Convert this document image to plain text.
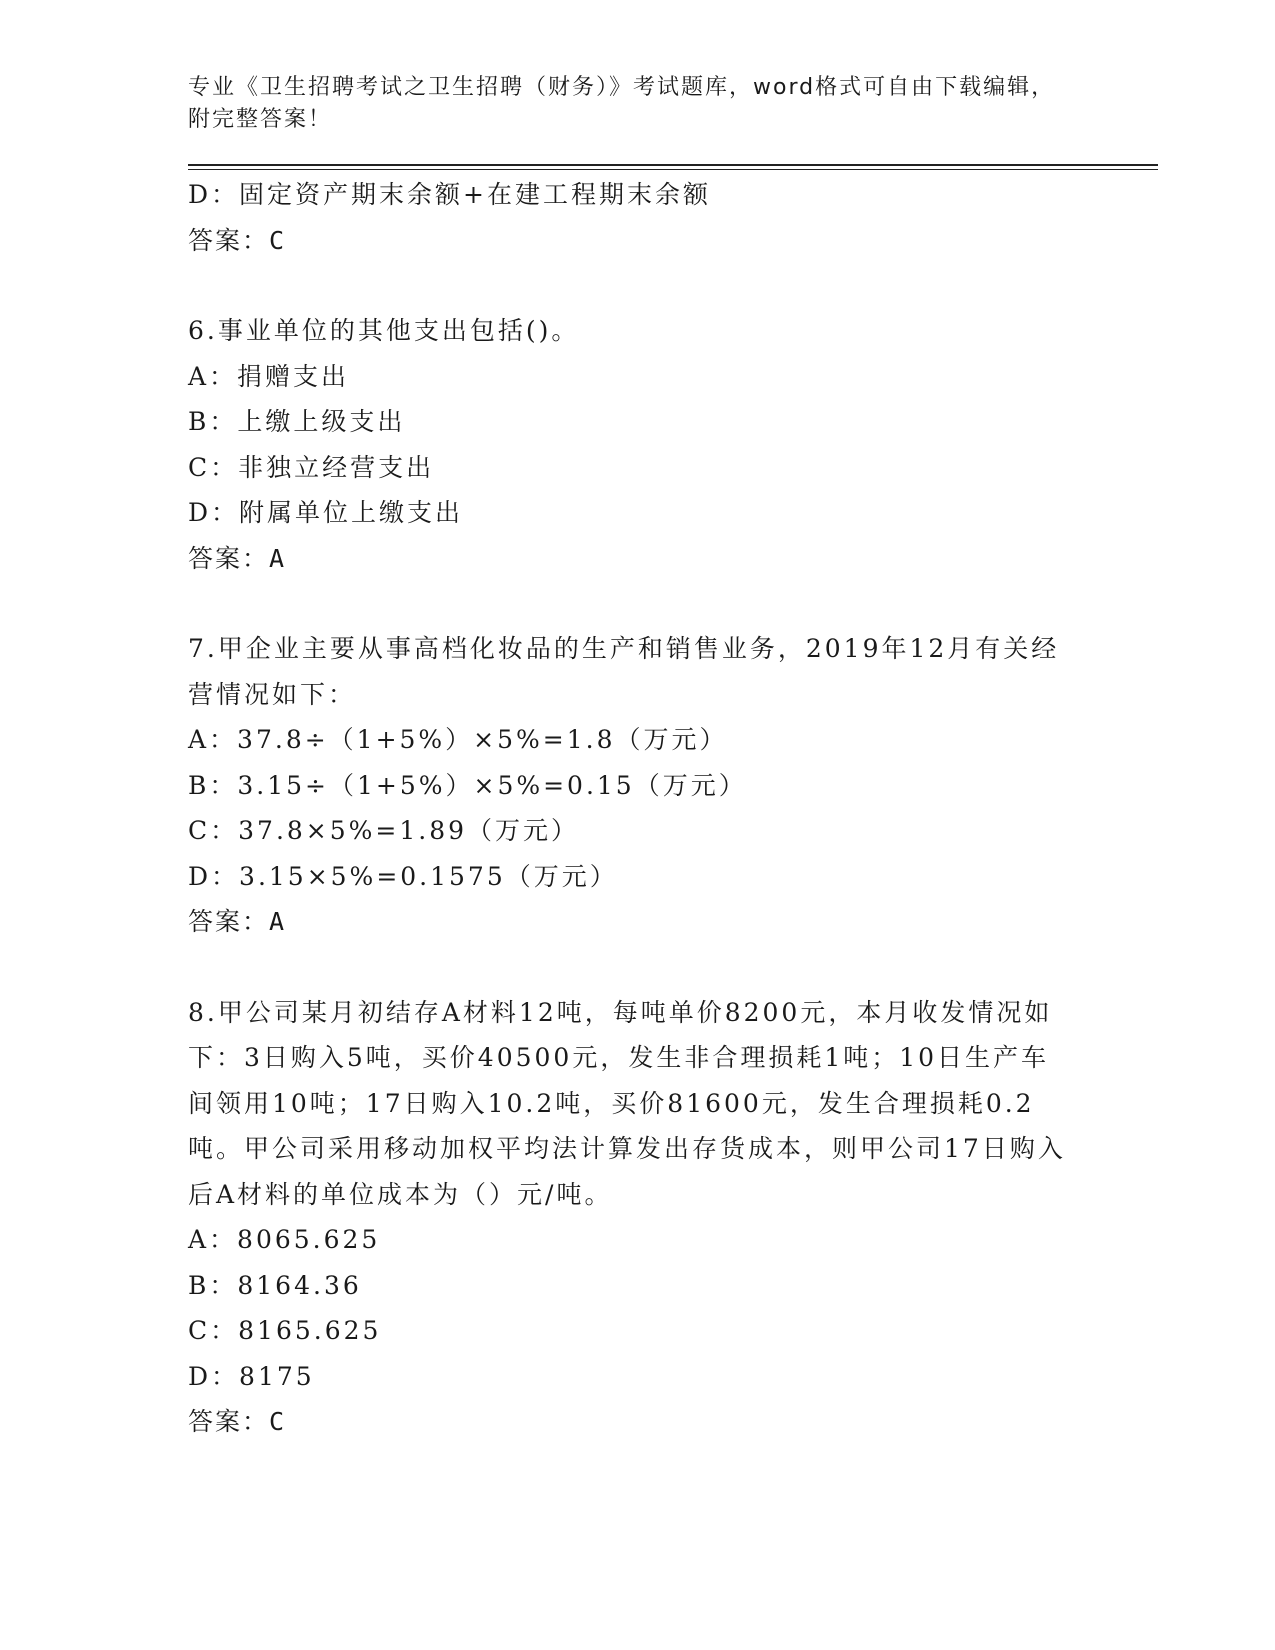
专业《卫生招聘考试之卫生招聘（财务）》考试题库，word格式可自由下载编辑，附完整答案！

D：固定资产期末余额+在建工程期末余额

答案：C

6.事业单位的其他支出包括()。

A：捐赠支出

B：上缴上级支出

C：非独立经营支出

D：附属单位上缴支出

答案：A

7.甲企业主要从事高档化妆品的生产和销售业务，2019年12月有关经营情况如下：

A：37.8÷（1+5%）×5%=1.8（万元）

B：3.15÷（1+5%）×5%=0.15（万元）

C：37.8×5%=1.89（万元）

D：3.15×5%=0.1575（万元）

答案：A

8.甲公司某月初结存A材料12吨，每吨单价8200元，本月收发情况如下：3日购入5吨，买价40500元，发生非合理损耗1吨；10日生产车间领用10吨；17日购入10.2吨，买价81600元，发生合理损耗0.2吨。甲公司采用移动加权平均法计算发出存货成本，则甲公司17日购入后A材料的单位成本为（）元/吨。

A：8065.625

B：8164.36

C：8165.625

D：8175

答案：C
